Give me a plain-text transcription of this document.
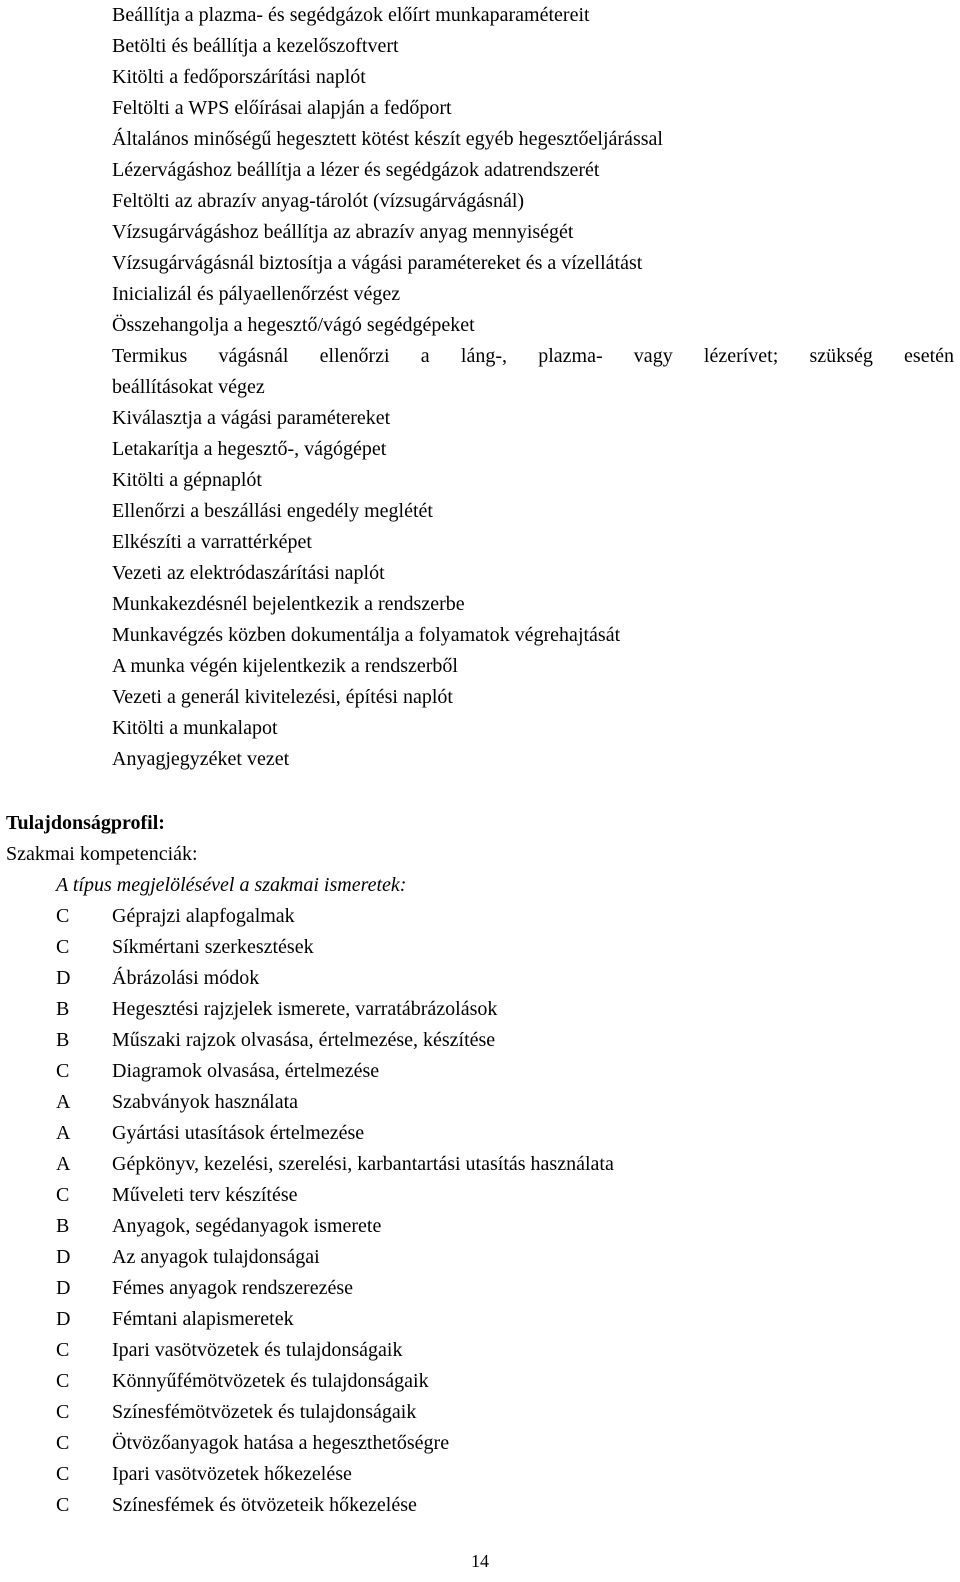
Beállítja a plazma- és segédgázok előírt munkaparamétereit
Betölti és beállítja a kezelőszoftvert
Kitölti a fedőporszárítási naplót
Feltölti a WPS előírásai alapján a fedőport
Általános minőségű hegesztett kötést készít egyéb hegesztőeljárással
Lézervágáshoz beállítja a lézer és segédgázok adatrendszerét
Feltölti az abrazív anyag-tárolót (vízsugárvágásnál)
Vízsugárvágáshoz beállítja az abrazív anyag mennyiségét
Vízsugárvágásnál biztosítja a vágási paramétereket és a vízellátást
Inicializál és pályaellenőrzést végez
Összehangolja a hegesztő/vágó segédgépeket
Termikus vágásnál ellenőrzi a láng-, plazma- vagy lézerívet; szükség esetén
beállításokat végez
Kiválasztja a vágási paramétereket
Letakarítja a hegesztő-, vágógépet
Kitölti a gépnaplót
Ellenőrzi a beszállási engedély meglétét
Elkészíti a varrattérképet
Vezeti az elektródaszárítási naplót
Munkakezdésnél bejelentkezik a rendszerbe
Munkavégzés közben dokumentálja a folyamatok végrehajtását
A munka végén kijelentkezik a rendszerből
Vezeti a generál kivitelezési, építési naplót
Kitölti a munkalapot
Anyagjegyzéket vezet
Tulajdonságprofil:
Szakmai kompetenciák:
A típus megjelölésével a szakmai ismeretek:
C Géprajzi alapfogalmak
C Síkmértani szerkesztések
D Ábrázolási módok
B Hegesztési rajzjelek ismerete, varratábrázolások
B Műszaki rajzok olvasása, értelmezése, készítése
C Diagramok olvasása, értelmezése
A Szabványok használata
A Gyártási utasítások értelmezése
A Gépkönyv, kezelési, szerelési, karbantartási utasítás használata
C Műveleti terv készítése
B Anyagok, segédanyagok ismerete
D Az anyagok tulajdonságai
D Fémes anyagok rendszerezése
D Fémtani alapismeretek
C Ipari vasötvözetek és tulajdonságaik
C Könnyűfémötvözetek és tulajdonságaik
C Színesfémötvözetek és tulajdonságaik
C Ötvözőanyagok hatása a hegeszthetőségre
C Ipari vasötvözetek hőkezelése
C Színesfémek és ötvözeteik hőkezelése
14
